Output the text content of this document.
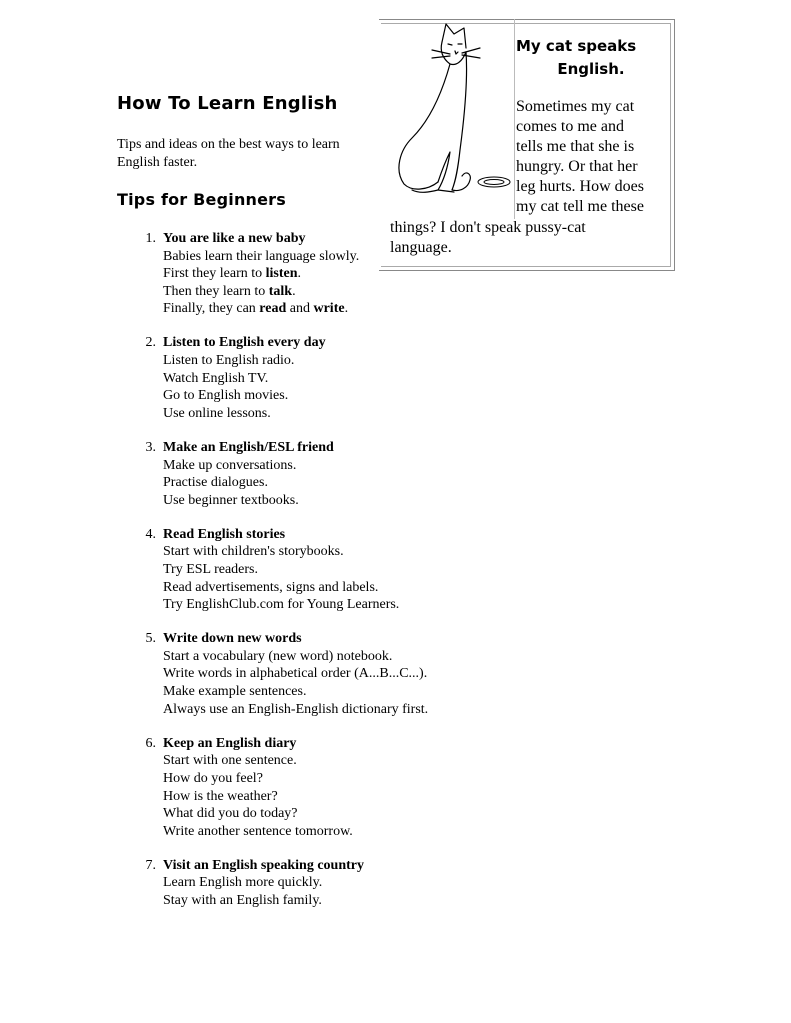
How To Learn English

Tips and ideas on the best ways to learn English faster.

Tips for Beginners
My cat speaks
English.
Sometimes my cat
comes to me and
tells me that she is
hungry. Or that her
leg hurts. How does
my cat tell me these
things? I don't speak pussy-cat
language.
1. You are like a new baby
Babies learn their language slowly.
First they learn to listen.
Then they learn to talk.
Finally, they can read and write.
2. Listen to English every day
Listen to English radio.
Watch English TV.
Go to English movies.
Use online lessons.
3. Make an English/ESL friend
Make up conversations.
Practise dialogues.
Use beginner textbooks.
4. Read English stories
Start with children's storybooks.
Try ESL readers.
Read advertisements, signs and labels.
Try EnglishClub.com for Young Learners.
5. Write down new words
Start a vocabulary (new word) notebook.
Write words in alphabetical order (A...B...C...).
Make example sentences.
Always use an English-English dictionary first.
6. Keep an English diary
Start with one sentence.
How do you feel?
How is the weather?
What did you do today?
Write another sentence tomorrow.
7. Visit an English speaking country
Learn English more quickly.
Stay with an English family.
